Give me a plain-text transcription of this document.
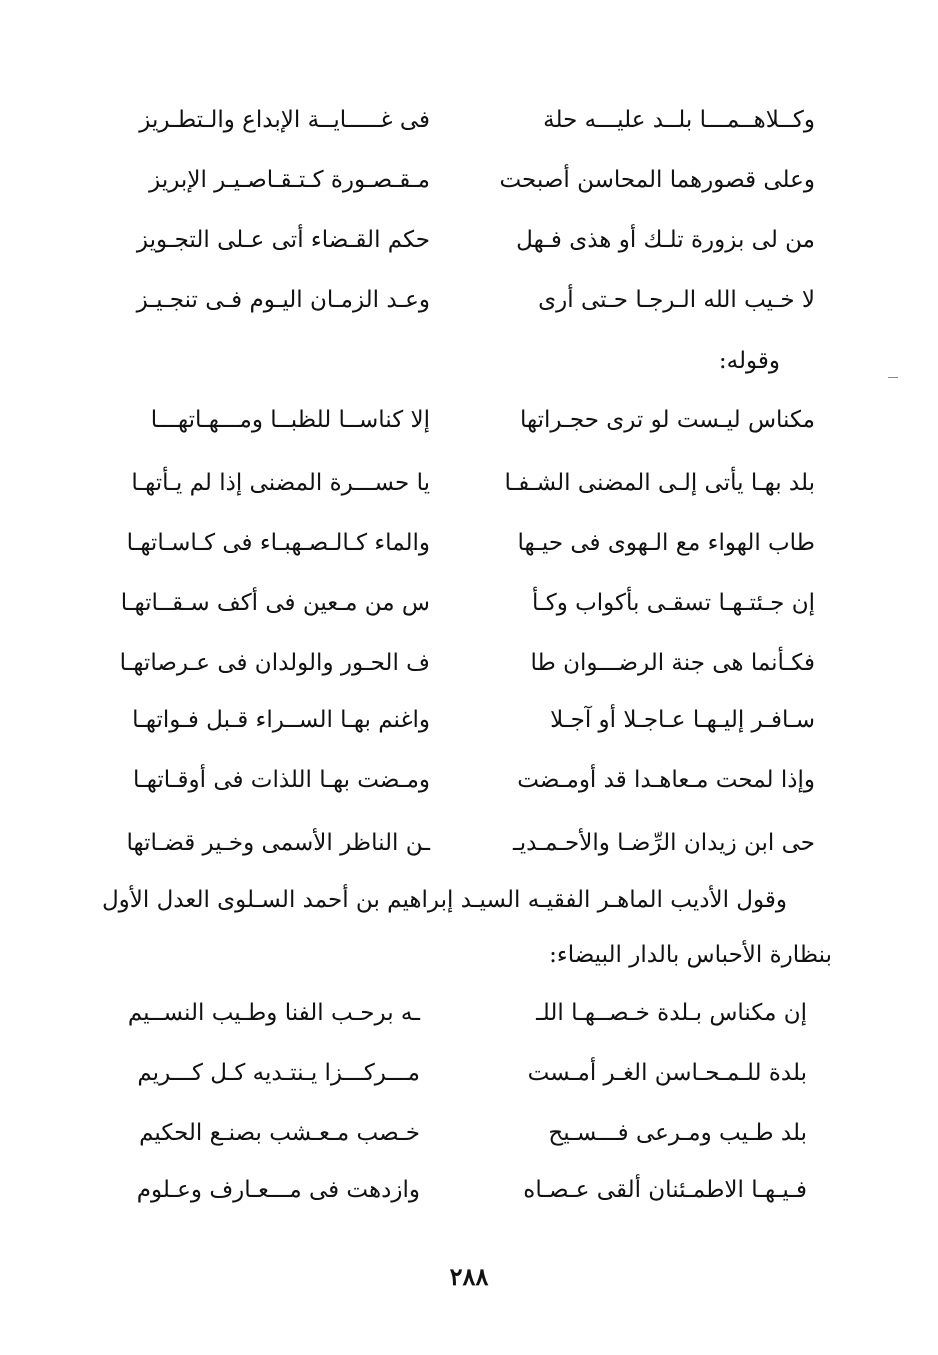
وكــلاهــمـــا بلــد عليـــه حلة
فى غـــــايــة الإبداع والـتطـريز
وعلى قصورهما المحاسن أصبحت
مـقـصـورة كـتـقـاصـيـر الإبريز
من لى بزورة تلـك أو هذى فـهل
حكم القـضاء أتى عـلى التجـويز
لا خـيب الله الـرجـا حـتى أرى
وعـد الزمـان اليـوم فـى تنجـيـز
وقوله:
مكناس ليـست لو ترى حجـراتها
إلا كناســا للظبــا ومـــهـاتهـــا
بلد بهـا يأتى إلـى المضنى الشـفـا
يا حســـرة المضنى إذا لم يـأتهـا
طاب الهواء مع الـهوى فى حيـها
والماء كـالـصـهبـاء فى كـاسـاتهـا
إن جـئتـهـا تسقـى بأكواب وكـأ
س من مـعين فى أكف سـقــاتهـا
فكـأنما هى جنة الرضـــوان طا
ف الحـور والولدان فى عـرصاتهـا
سـافـر إليـهـا عـاجـلا أو آجـلا
واغنم بهـا الســراء قـبل فـواتهـا
وإذا لمحت مـعاهـدا قد أومـضت
ومـضت بهـا اللذات فى أوقـاتهـا
حى ابن زيدان الرِّضـا والأحـمـديـ
ـن الناظر الأسمى وخـير قضـاتها
وقول الأديب الماهـر الفقيـه السيـد إبراهيم بن أحمد السـلوى العدل الأول
بنظارة الأحباس بالدار البيضاء:
إن مكناس بـلدة خـصــهـا اللـ
ـه برحـب الفنا وطـيب النســيم
بلدة للـمـحـاسن الغـر أمـست
مـــركـــزا يـنتـديه كـل كـــريم
بلد طـيب ومـرعى فـــسـيح
خـصب مـعـشب بصنـع الحكيم
فـيـهـا الاطمـئنان ألقى عـصـاه
وازدهت فى مـــعـارف وعـلوم
٢٨٨
